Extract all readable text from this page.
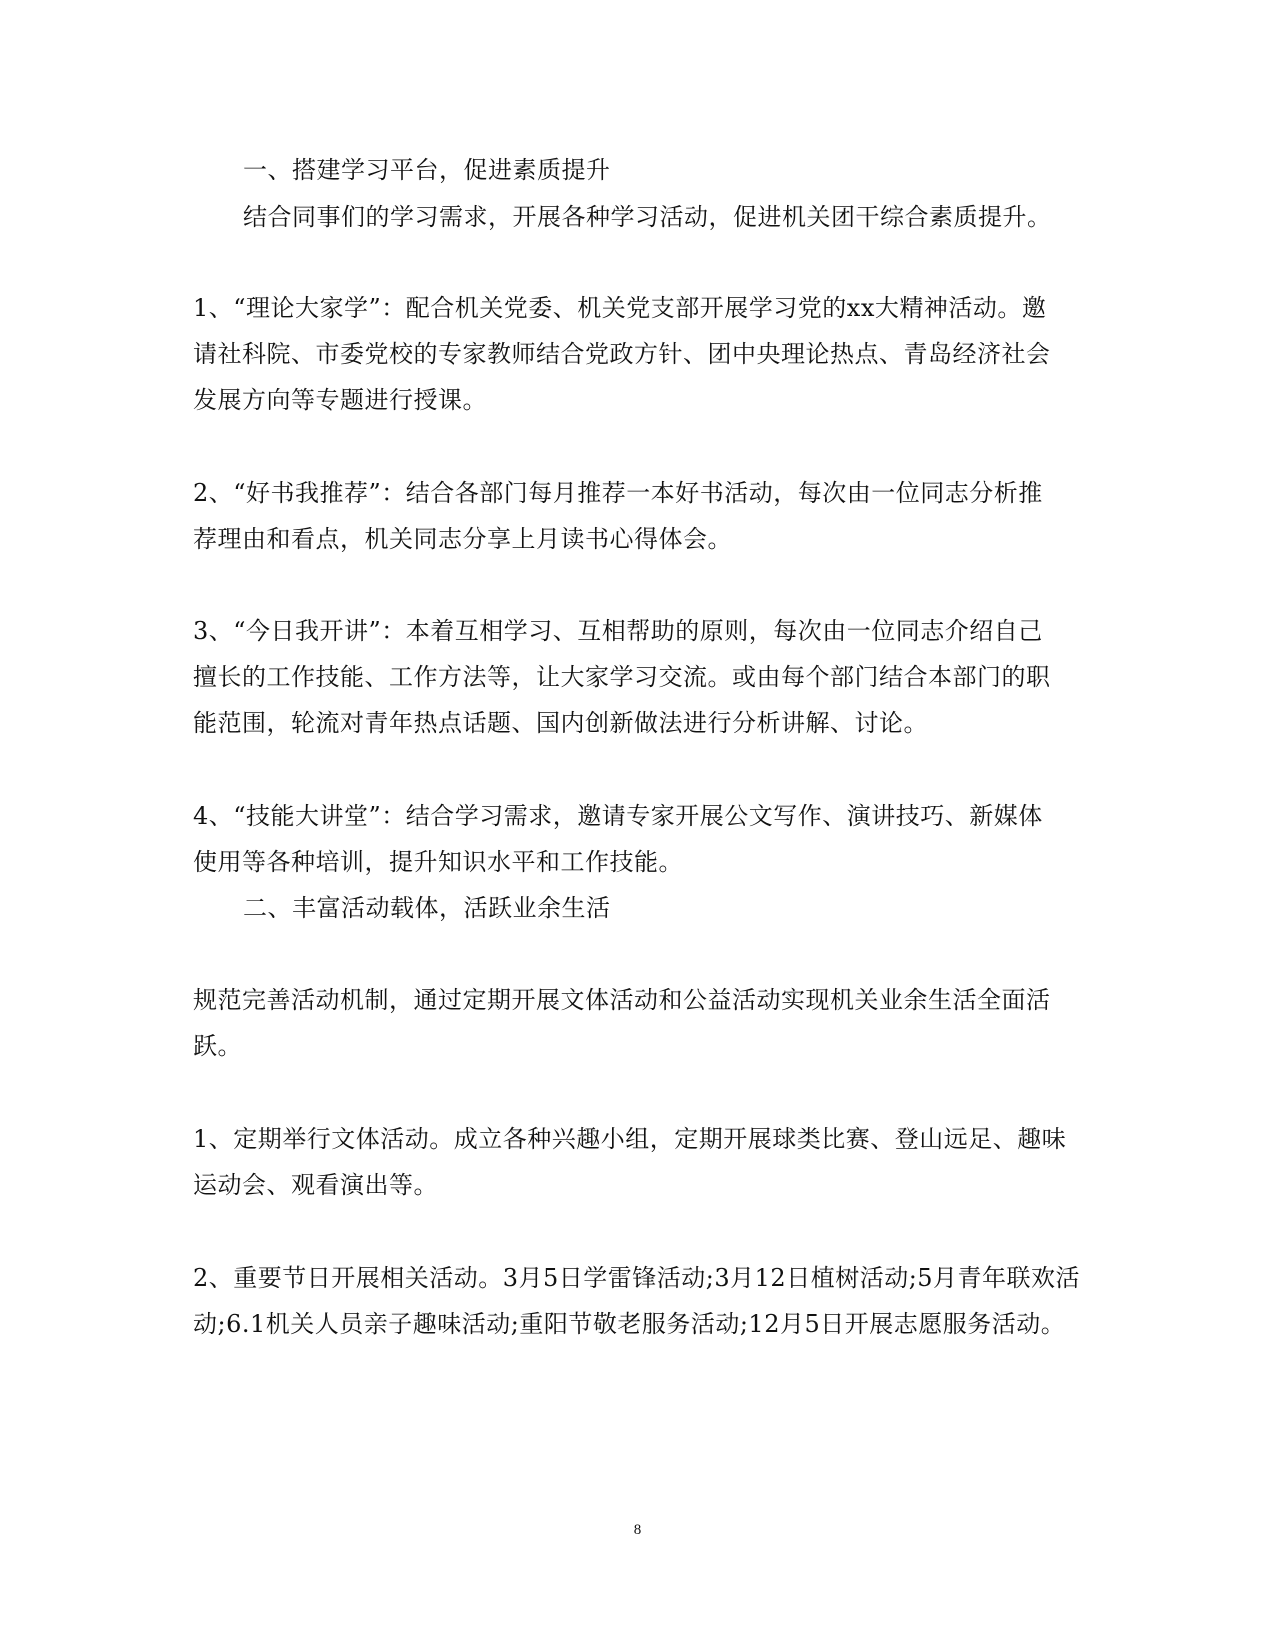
一、搭建学习平台，促进素质提升
结合同事们的学习需求，开展各种学习活动，促进机关团干综合素质提升。
1、“理论大家学”：配合机关党委、机关党支部开展学习党的xx大精神活动。邀
请社科院、市委党校的专家教师结合党政方针、团中央理论热点、青岛经济社会
发展方向等专题进行授课。
2、“好书我推荐”：结合各部门每月推荐一本好书活动，每次由一位同志分析推
荐理由和看点，机关同志分享上月读书心得体会。
3、“今日我开讲”：本着互相学习、互相帮助的原则，每次由一位同志介绍自己
擅长的工作技能、工作方法等，让大家学习交流。或由每个部门结合本部门的职
能范围，轮流对青年热点话题、国内创新做法进行分析讲解、讨论。
4、“技能大讲堂”：结合学习需求，邀请专家开展公文写作、演讲技巧、新媒体
使用等各种培训，提升知识水平和工作技能。
二、丰富活动载体，活跃业余生活
规范完善活动机制，通过定期开展文体活动和公益活动实现机关业余生活全面活
跃。
1、定期举行文体活动。成立各种兴趣小组，定期开展球类比赛、登山远足、趣味
运动会、观看演出等。
2、重要节日开展相关活动。3月5日学雷锋活动;3月12日植树活动;5月青年联欢活
动;6.1机关人员亲子趣味活动;重阳节敬老服务活动;12月5日开展志愿服务活动。
8
